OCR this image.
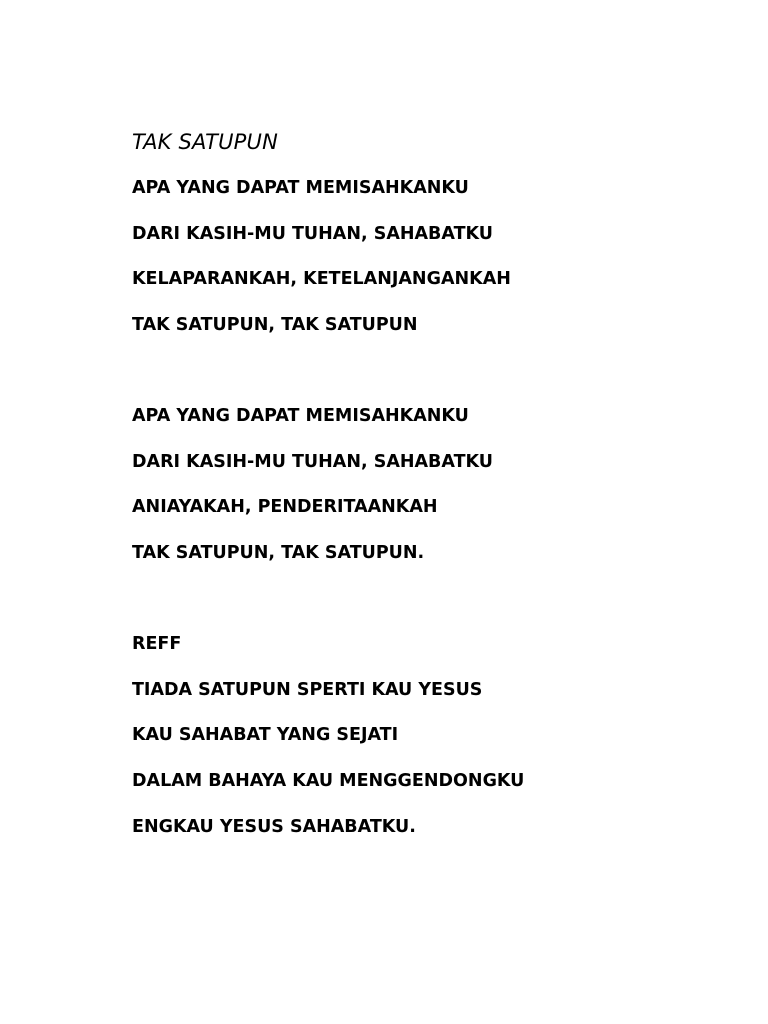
TAK SATUPUN

APA YANG DAPAT MEMISAHKANKU

DARI KASIH-MU TUHAN, SAHABATKU

KELAPARANKAH, KETELANJANGANKAH

TAK SATUPUN, TAK SATUPUN

APA YANG DAPAT MEMISAHKANKU

DARI KASIH-MU TUHAN, SAHABATKU

ANIAYAKAH, PENDERITAANKAH

TAK SATUPUN, TAK SATUPUN.

REFF

TIADA SATUPUN SPERTI KAU YESUS

KAU SAHABAT YANG SEJATI

DALAM BAHAYA KAU MENGGENDONGKU

ENGKAU YESUS SAHABATKU.
